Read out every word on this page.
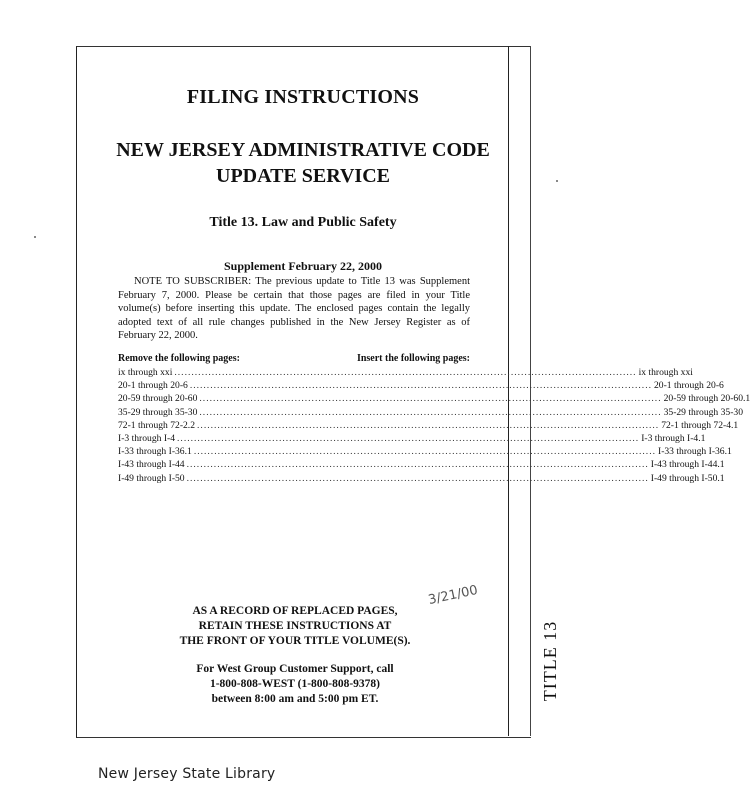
TITLE 13
FILING INSTRUCTIONS
NEW JERSEY ADMINISTRATIVE CODE
UPDATE SERVICE
Title 13. Law and Public Safety
Supplement February 22, 2000
NOTE TO SUBSCRIBER: The previous update to Title 13 was Supplement February 7, 2000. Please be certain that those pages are filed in your Title volume(s) before inserting this update. The enclosed pages contain the legally adopted text of all rule changes published in the New Jersey Register as of February 22, 2000.
Remove the following pages:	Insert the following pages:
ix through xxi ........................................................................................................................................ ix through xxi
20-1 through 20-6 ........................................................................................................................................ 20-1 through 20-6
20-59 through 20-60 ........................................................................................................................................ 20-59 through 20-60.1
35-29 through 35-30 ........................................................................................................................................ 35-29 through 35-30
72-1 through 72-2.2 ........................................................................................................................................ 72-1 through 72-4.1
I-3 through I-4 ........................................................................................................................................ I-3 through I-4.1
I-33 through I-36.1 ........................................................................................................................................ I-33 through I-36.1
I-43 through I-44 ........................................................................................................................................ I-43 through I-44.1
I-49 through I-50 ........................................................................................................................................ I-49 through I-50.1
3/21/00
AS A RECORD OF REPLACED PAGES,
RETAIN THESE INSTRUCTIONS AT
THE FRONT OF YOUR TITLE VOLUME(S).
For West Group Customer Support, call
1-800-808-WEST (1-800-808-9378)
between 8:00 am and 5:00 pm ET.
New Jersey State Library
